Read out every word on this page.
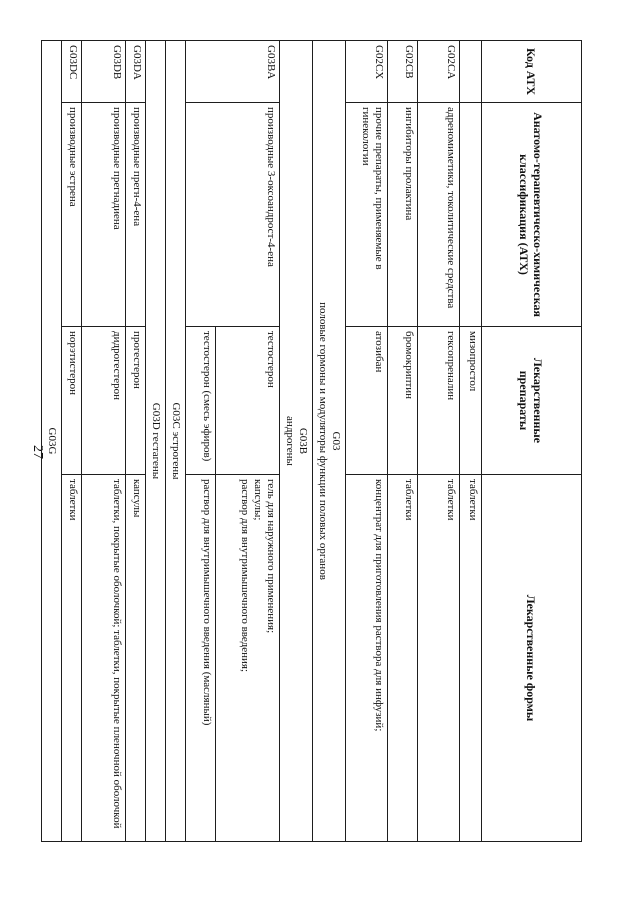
27
Код АТХ	Анатомо-терапевтическо-химическая классификация (АТХ)	Лекарственные препараты	Лекарственные формы
		мизопростол	таблетки
G02CA	адреномиметики, токолитические средства	гексопреналин	таблетки
G02CB	ингибиторы пролактина	бромокриптин	таблетки
G02CX	прочие препараты, применяемые в гинекологии	атозибан	концентрат для приготовления раствора для инфузий;

G03
половые гормоны и модуляторы функции половых органов			

G03B
андрогены			

G03BA	производные 3-оксоандрост-4-ена	тестостерон	гель для наружного применения;
капсулы;
раствор для внутримышечного введения;

		тестостерон (смесь эфиров)	раствор для внутримышечного введения (масляный)
G03C эстрогены			
G03D гестагены			
G03DA	производные прегн-4-ена	прогестерон	капсулы
G03DB	производные прегнадиена	дидрогестерон	таблетки, покрытые оболочкой; таблетки, покрытые пленочной оболочкой
G03DC	производные эстрена	норэтистерон	таблетки
G03G			
